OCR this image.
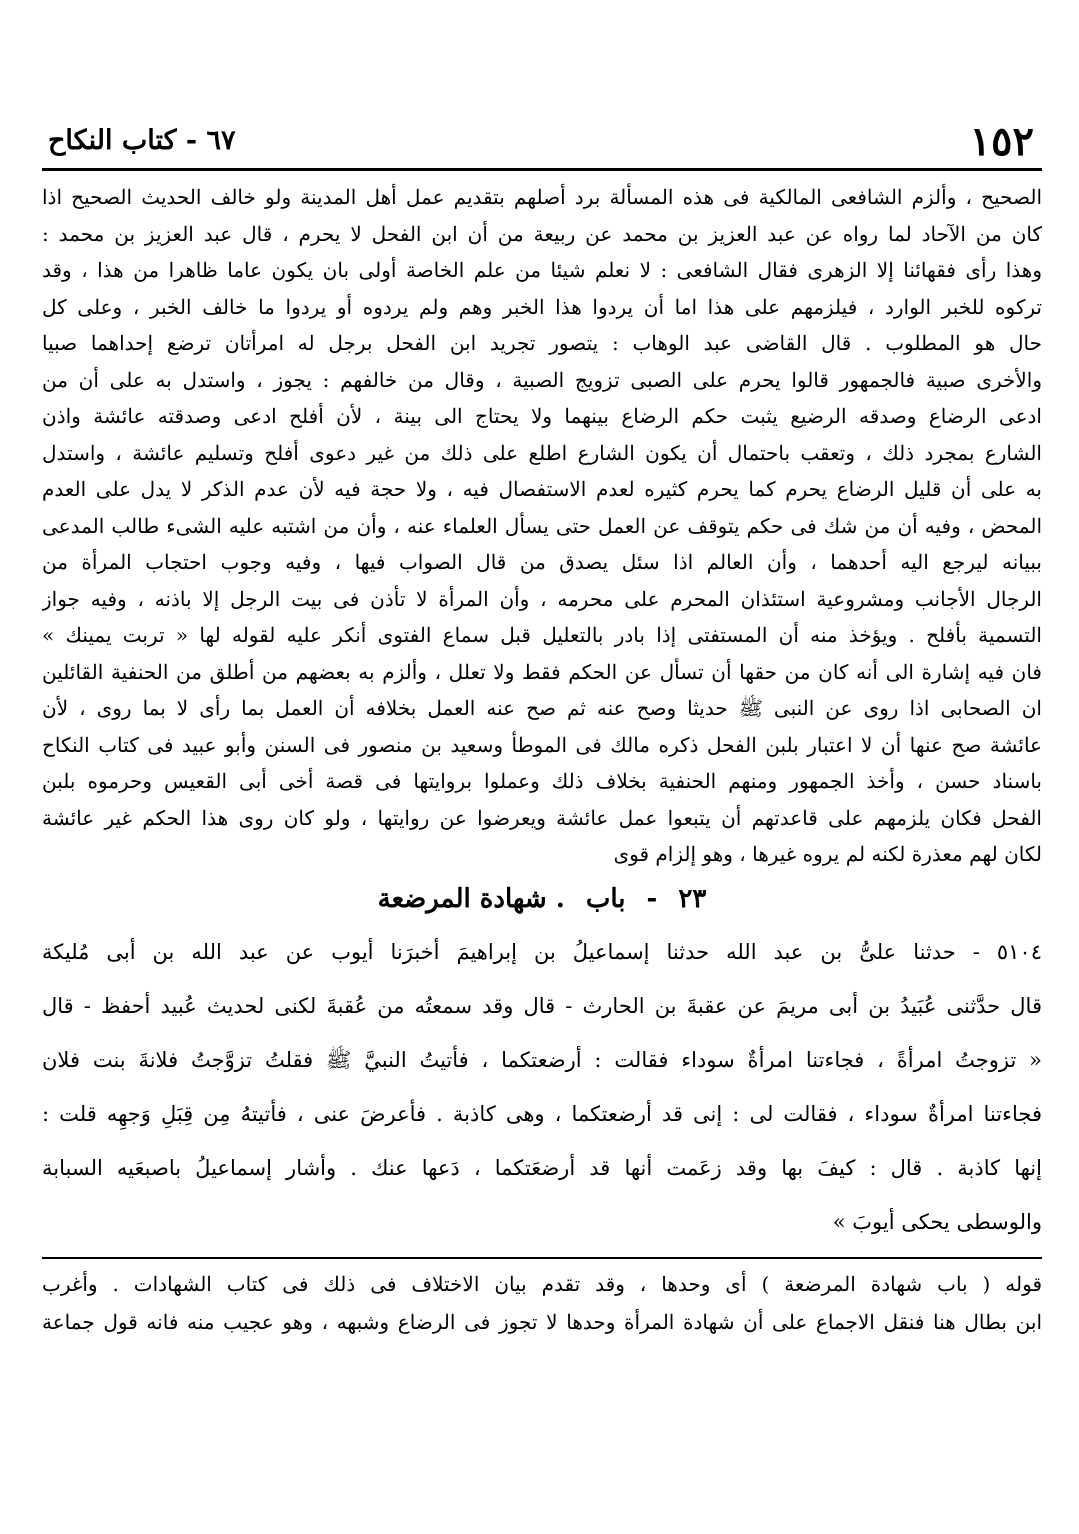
١٥٢
٦٧ - كتاب النكاح
الصحيح ، وألزم الشافعى المالكية فى هذه المسألة برد أصلهم بتقديم عمل أهل المدينة ولو خالف الحديث الصحيح اذا
كان من الآحاد لما رواه عن عبد العزيز بن محمد عن ربيعة من أن ابن الفحل لا يحرم ، قال عبد العزيز بن محمد :
وهذا رأى فقهائنا إلا الزهرى فقال الشافعى : لا نعلم شيئا من علم الخاصة أولى بان يكون عاما ظاهرا من هذا ، وقد
تركوه للخبر الوارد ، فيلزمهم على هذا اما أن يردوا هذا الخبر وهم ولم يردوه أو يردوا ما خالف الخبر ، وعلى كل
حال هو المطلوب . قال القاضى عبد الوهاب : يتصور تجريد ابن الفحل برجل له امرأتان ترضع إحداهما صبيا
والأخرى صبية فالجمهور قالوا يحرم على الصبى تزويج الصبية ، وقال من خالفهم : يجوز ، واستدل به على أن من
ادعى الرضاع وصدقه الرضيع يثبت حكم الرضاع بينهما ولا يحتاج الى بينة ، لأن أفلح ادعى وصدقته عائشة واذن
الشارع بمجرد ذلك ، وتعقب باحتمال أن يكون الشارع اطلع على ذلك من غير دعوى أفلح وتسليم عائشة ، واستدل
به على أن قليل الرضاع يحرم كما يحرم كثيره لعدم الاستفصال فيه ، ولا حجة فيه لأن عدم الذكر لا يدل على العدم
المحض ، وفيه أن من شك فى حكم يتوقف عن العمل حتى يسأل العلماء عنه ، وأن من اشتبه عليه الشىء طالب المدعى
ببيانه ليرجع اليه أحدهما ، وأن العالم اذا سئل يصدق من قال الصواب فيها ، وفيه وجوب احتجاب المرأة من
الرجال الأجانب ومشروعية استئذان المحرم على محرمه ، وأن المرأة لا تأذن فى بيت الرجل إلا باذنه ، وفيه جواز
التسمية بأفلح . ويؤخذ منه أن المستفتى إذا بادر بالتعليل قبل سماع الفتوى أنكر عليه لقوله لها « تربت يمينك »
فان فيه إشارة الى أنه كان من حقها أن تسأل عن الحكم فقط ولا تعلل ، وألزم به بعضهم من أطلق من الحنفية القائلين
ان الصحابى اذا روى عن النبى ﷺ حديثا وصح عنه ثم صح عنه العمل بخلافه أن العمل بما رأى لا بما روى ، لأن
عائشة صح عنها أن لا اعتبار بلبن الفحل ذكره مالك فى الموطأ وسعيد بن منصور فى السنن وأبو عبيد فى كتاب النكاح
باسناد حسن ، وأخذ الجمهور ومنهم الحنفية بخلاف ذلك وعملوا بروايتها فى قصة أخى أبى القعيس وحرموه بلبن
الفحل فكان يلزمهم على قاعدتهم أن يتبعوا عمل عائشة ويعرضوا عن روايتها ، ولو كان روى هذا الحكم غير عائشة
لكان لهم معذرة لكنه لم يروه غيرها ، وهو إلزام قوى
٢٣ - باب . شهادة المرضعة
٥١٠٤ - حدثنا علىُّ بن عبد الله حدثنا إسماعيلُ بن إبراهيمَ أخبرَنا أيوب عن عبد الله بن أبى مُليكة
قال حدَّثنى عُبَيدُ بن أبى مريمَ عن عقبةَ بن الحارث - قال وقد سمعتُه من عُقبةَ لكنى لحديث عُبيد أحفظ - قال
« تزوجتُ امرأةً ، فجاءتنا امرأةٌ سوداء فقالت : أرضعتكما ، فأتيتُ النبيَّ ﷺ فقلتُ تزوَّجتُ فلانةَ بنت فلان
فجاءتنا امرأةٌ سوداء ، فقالت لى : إنى قد أرضعتكما ، وهى كاذبة . فأعرضَ عنى ، فأتيتهُ مِن قِبَلِ وَجهِه قلت :
إنها كاذبة . قال : كيفَ بها وقد زعَمت أنها قد أرضعَتكما ، دَعها عنك . وأشار إسماعيلُ باصبعَيه السبابة
والوسطى يحكى أيوبَ »
قوله ( باب شهادة المرضعة ) أى وحدها ، وقد تقدم بيان الاختلاف فى ذلك فى كتاب الشهادات . وأغرب
ابن بطال هنا فنقل الاجماع على أن شهادة المرأة وحدها لا تجوز فى الرضاع وشبهه ، وهو عجيب منه فانه قول جماعة
